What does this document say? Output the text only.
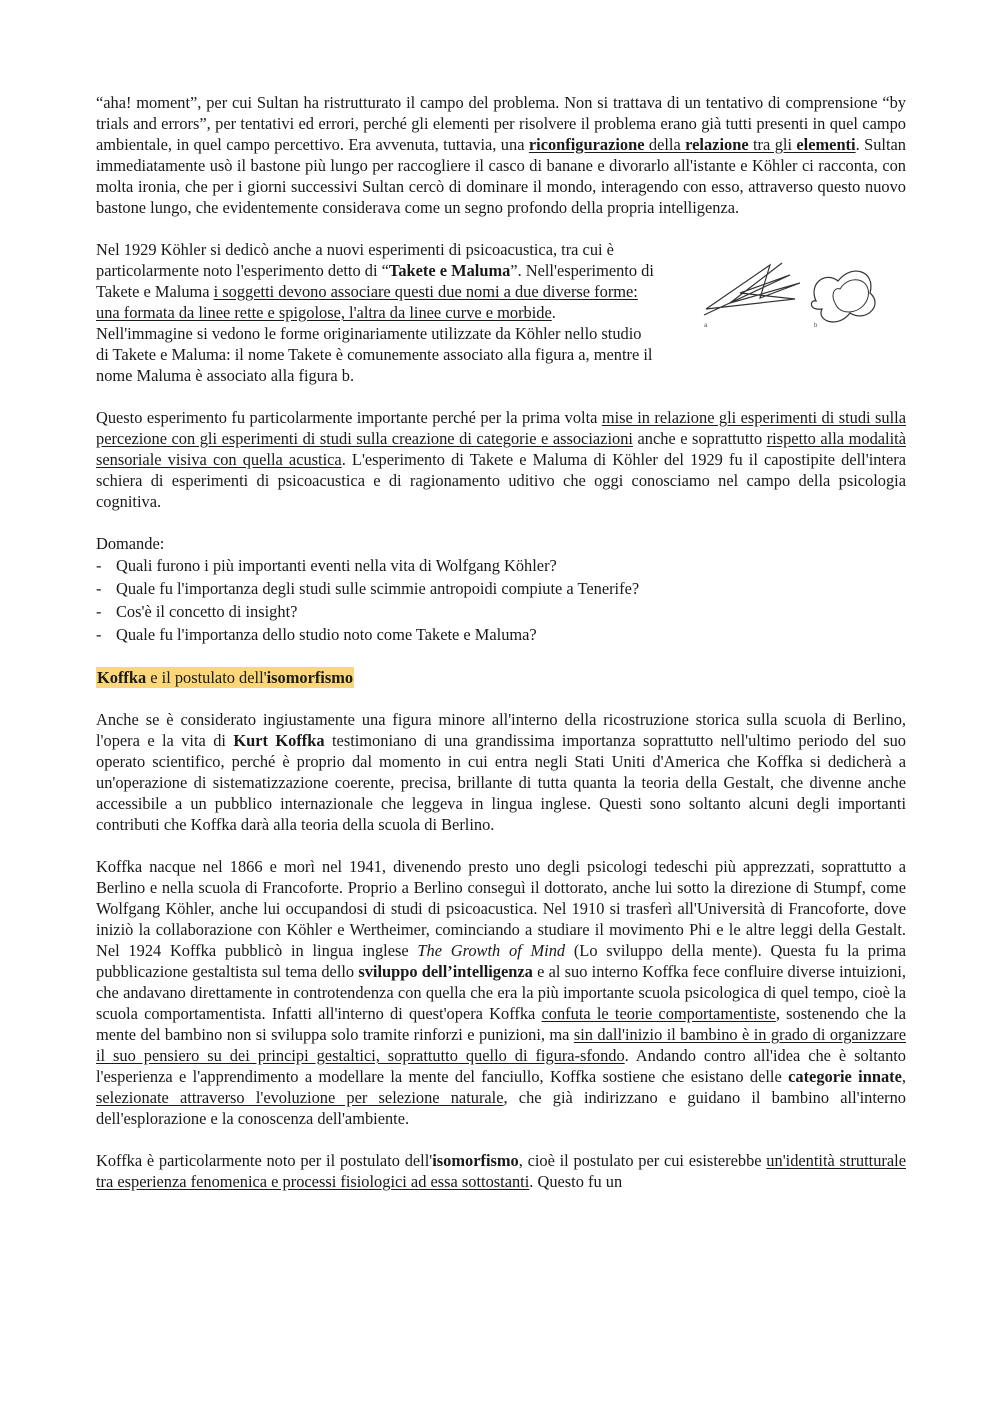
“aha! moment”, per cui Sultan ha ristrutturato il campo del problema. Non si trattava di un tentativo di comprensione “by trials and errors”, per tentativi ed errori, perché gli elementi per risolvere il problema erano già tutti presenti in quel campo ambientale, in quel campo percettivo. Era avvenuta, tuttavia, una riconfigurazione della relazione tra gli elementi. Sultan immediatamente usò il bastone più lungo per raccogliere il casco di banane e divorarlo all'istante e Köhler ci racconta, con molta ironia, che per i giorni successivi Sultan cercò di dominare il mondo, interagendo con esso, attraverso questo nuovo bastone lungo, che evidentemente considerava come un segno profondo della propria intelligenza.

Nel 1929 Köhler si dedicò anche a nuovi esperimenti di psicoacustica, tra cui è particolarmente noto l'esperimento detto di “Takete e Maluma”. Nell'esperimento di Takete e Maluma i soggetti devono associare questi due nomi a due diverse forme: una formata da linee rette e spigolose, l'altra da linee curve e morbide. Nell'immagine si vedono le forme originariamente utilizzate da Köhler nello studio di Takete e Maluma: il nome Takete è comunemente associato alla figura a, mentre il nome Maluma è associato alla figura b.

a	b

Questo esperimento fu particolarmente importante perché per la prima volta mise in relazione gli esperimenti di studi sulla percezione con gli esperimenti di studi sulla creazione di categorie e associazioni anche e soprattutto rispetto alla modalità sensoriale visiva con quella acustica. L'esperimento di Takete e Maluma di Köhler del 1929 fu il capostipite dell'intera schiera di esperimenti di psicoacustica e di ragionamento uditivo che oggi conosciamo nel campo della psicologia cognitiva.

Domande:

- Quali furono i più importanti eventi nella vita di Wolfgang Köhler?
- Quale fu l'importanza degli studi sulle scimmie antropoidi compiute a Tenerife?
- Cos'è il concetto di insight?
- Quale fu l'importanza dello studio noto come Takete e Maluma?
Koffka e il postulato dell'isomorfismo

Anche se è considerato ingiustamente una figura minore all'interno della ricostruzione storica sulla scuola di Berlino, l'opera e la vita di Kurt Koffka testimoniano di una grandissima importanza soprattutto nell'ultimo periodo del suo operato scientifico, perché è proprio dal momento in cui entra negli Stati Uniti d'America che Koffka si dedicherà a un'operazione di sistematizzazione coerente, precisa, brillante di tutta quanta la teoria della Gestalt, che divenne anche accessibile a un pubblico internazionale che leggeva in lingua inglese. Questi sono soltanto alcuni degli importanti contributi che Koffka darà alla teoria della scuola di Berlino.

Koffka nacque nel 1866 e morì nel 1941, divenendo presto uno degli psicologi tedeschi più apprezzati, soprattutto a Berlino e nella scuola di Francoforte. Proprio a Berlino conseguì il dottorato, anche lui sotto la direzione di Stumpf, come Wolfgang Köhler, anche lui occupandosi di studi di psicoacustica. Nel 1910 si trasferì all'Università di Francoforte, dove iniziò la collaborazione con Köhler e Wertheimer, cominciando a studiare il movimento Phi e le altre leggi della Gestalt. Nel 1924 Koffka pubblicò in lingua inglese The Growth of Mind (Lo sviluppo della mente). Questa fu la prima pubblicazione gestaltista sul tema dello sviluppo dell’intelligenza e al suo interno Koffka fece confluire diverse intuizioni, che andavano direttamente in controtendenza con quella che era la più importante scuola psicologica di quel tempo, cioè la scuola comportamentista. Infatti all'interno di quest'opera Koffka confuta le teorie comportamentiste, sostenendo che la mente del bambino non si sviluppa solo tramite rinforzi e punizioni, ma sin dall'inizio il bambino è in grado di organizzare il suo pensiero su dei principi gestaltici, soprattutto quello di figura-sfondo. Andando contro all'idea che è soltanto l'esperienza e l'apprendimento a modellare la mente del fanciullo, Koffka sostiene che esistano delle categorie innate, selezionate attraverso l'evoluzione per selezione naturale, che già indirizzano e guidano il bambino all'interno dell'esplorazione e la conoscenza dell'ambiente.

Koffka è particolarmente noto per il postulato dell'isomorfismo, cioè il postulato per cui esisterebbe un'identità strutturale tra esperienza fenomenica e processi fisiologici ad essa sottostanti. Questo fu un
